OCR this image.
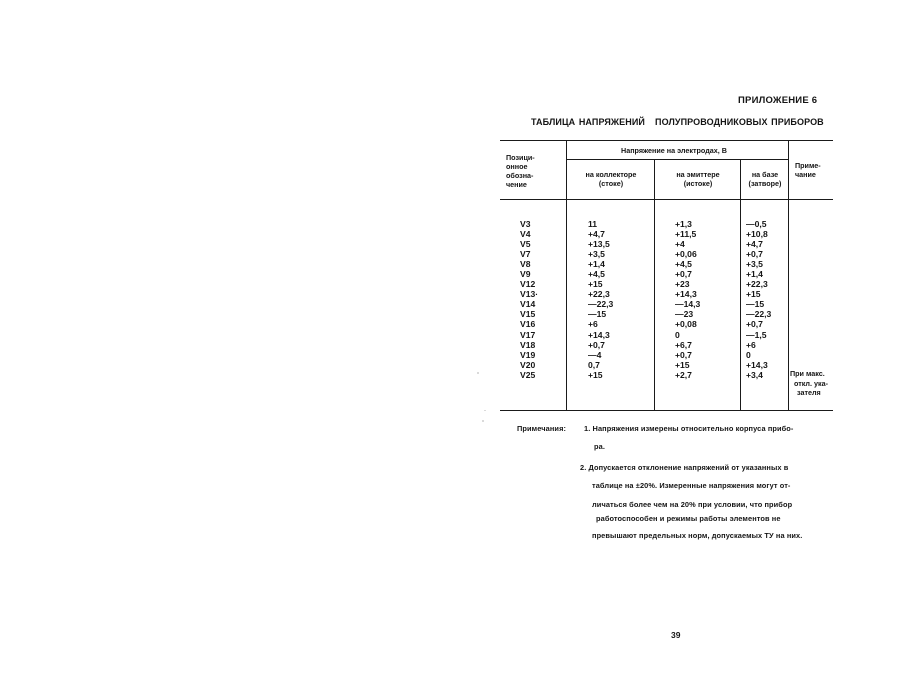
ПРИЛОЖЕНИЕ 6
ТАБЛИЦА НАПРЯЖЕНИЙ ПОЛУПРОВОДНИКОВЫХ ПРИБОРОВ
Позици-
онное
обозна-
чение
Напряжение на электродах, В
на коллекторе
(стоке)
на эмиттере
(истоке)
на базе
(затворе)
Приме-
чание
V3
V4
V5
V7
V8
V9
V12
V13·
V14
V15
V16
V17
V18
V19
V20
V25
11
+4,7
+13,5
+3,5
+1,4
+4,5
+15
+22,3
—22,3
—15
+6
+14,3
+0,7
—4
0,7
+15
+1,3
+11,5
+4
+0,06
+4,5
+0,7
+23
+14,3
—14,3
—23
+0,08
0
+6,7
+0,7
+15
+2,7
—0,5
+10,8
+4,7
+0,7
+3,5
+1,4
+22,3
+15
—15
—22,3
+0,7
—1,5
+6
0
+14,3
+3,4	При макс.
откл. ука-
зателя
Примечания: 1. Напряжения измерены относительно корпуса прибо-
ра.
2. Допускается отклонение напряжений от указанных в
таблице на ±20%. Измеренные напряжения могут от-
личаться более чем на 20% при условии, что прибор
работоспособен и режимы работы элементов не
превышают предельных норм, допускаемых ТУ на них.
39
